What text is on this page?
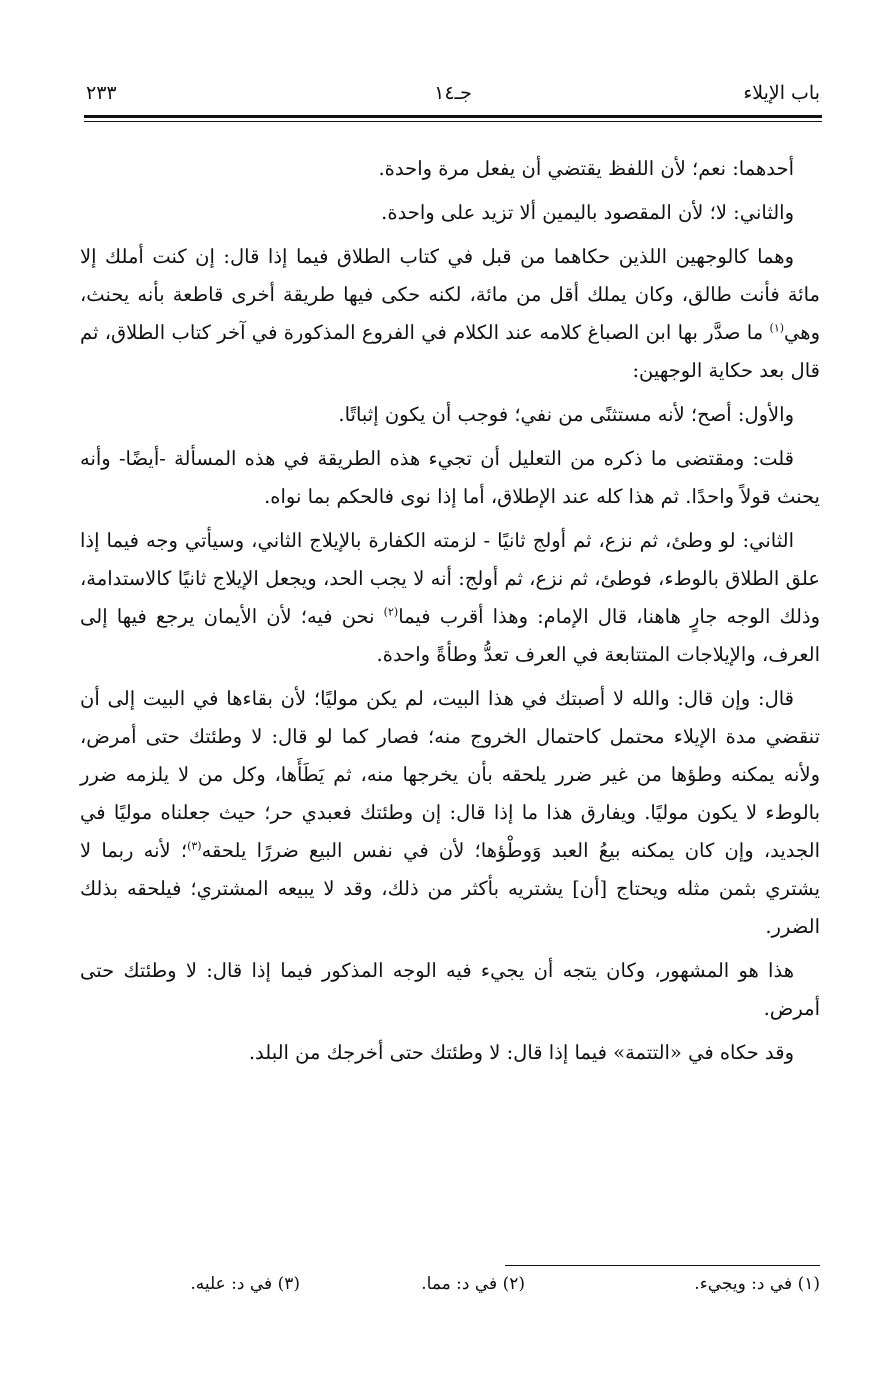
باب الإيلاء
جـ١٤
٢٣٣

أحدهما: نعم؛ لأن اللفظ يقتضي أن يفعل مرة واحدة.

والثاني: لا؛ لأن المقصود باليمين ألا تزيد على واحدة.

وهما كالوجهين اللذين حكاهما من قبل في كتاب الطلاق فيما إذا قال: إن كنت أملك إلا مائة فأنت طالق، وكان يملك أقل من مائة، لكنه حكى فيها طريقة أخرى قاطعة بأنه يحنث، وهي$^{(١)}$ ما صدَّر بها ابن الصباغ كلامه عند الكلام في الفروع المذكورة في آخر كتاب الطلاق، ثم قال بعد حكاية الوجهين:

والأول: أصح؛ لأنه مستثنًى من نفي؛ فوجب أن يكون إثباتًا.

قلت: ومقتضى ما ذكره من التعليل أن تجيء هذه الطريقة في هذه المسألة -أيضًا- وأنه يحنث قولاً واحدًا. ثم هذا كله عند الإطلاق، أما إذا نوى فالحكم بما نواه.

الثاني: لو وطئ، ثم نزع، ثم أولج ثانيًا - لزمته الكفارة بالإيلاج الثاني، وسيأتي وجه فيما إذا علق الطلاق بالوطء، فوطئ، ثم نزع، ثم أولج: أنه لا يجب الحد، ويجعل الإيلاج ثانيًا كالاستدامة، وذلك الوجه جارٍ هاهنا، قال الإمام: وهذا أقرب فيما$^{(٢)}$ نحن فيه؛ لأن الأيمان يرجع فيها إلى العرف، والإيلاجات المتتابعة في العرف تعدُّ وطأةً واحدة.

قال: وإن قال: والله لا أصبتك في هذا البيت، لم يكن موليًا؛ لأن بقاءها في البيت إلى أن تنقضي مدة الإيلاء محتمل كاحتمال الخروج منه؛ فصار كما لو قال: لا وطئتك حتى أمرض، ولأنه يمكنه وطؤها من غير ضرر يلحقه بأن يخرجها منه، ثم يَطَأَها، وكل من لا يلزمه ضرر بالوطء لا يكون موليًا. ويفارق هذا ما إذا قال: إن وطئتك فعبدي حر؛ حيث جعلناه موليًا في الجديد، وإن كان يمكنه بيعُ العبد وَوطْؤها؛ لأن في نفس البيع ضررًا يلحقه$^{(٣)}$؛ لأنه ربما لا يشتري بثمن مثله ويحتاج [أن] يشتريه بأكثر من ذلك، وقد لا يبيعه المشتري؛ فيلحقه بذلك الضرر.

هذا هو المشهور، وكان يتجه أن يجيء فيه الوجه المذكور فيما إذا قال: لا وطئتك حتى أمرض.

وقد حكاه في «التتمة» فيما إذا قال: لا وطئتك حتى أخرجك من البلد.

(١) في د: ويجيء.
(٢) في د: مما.
(٣) في د: عليه.
